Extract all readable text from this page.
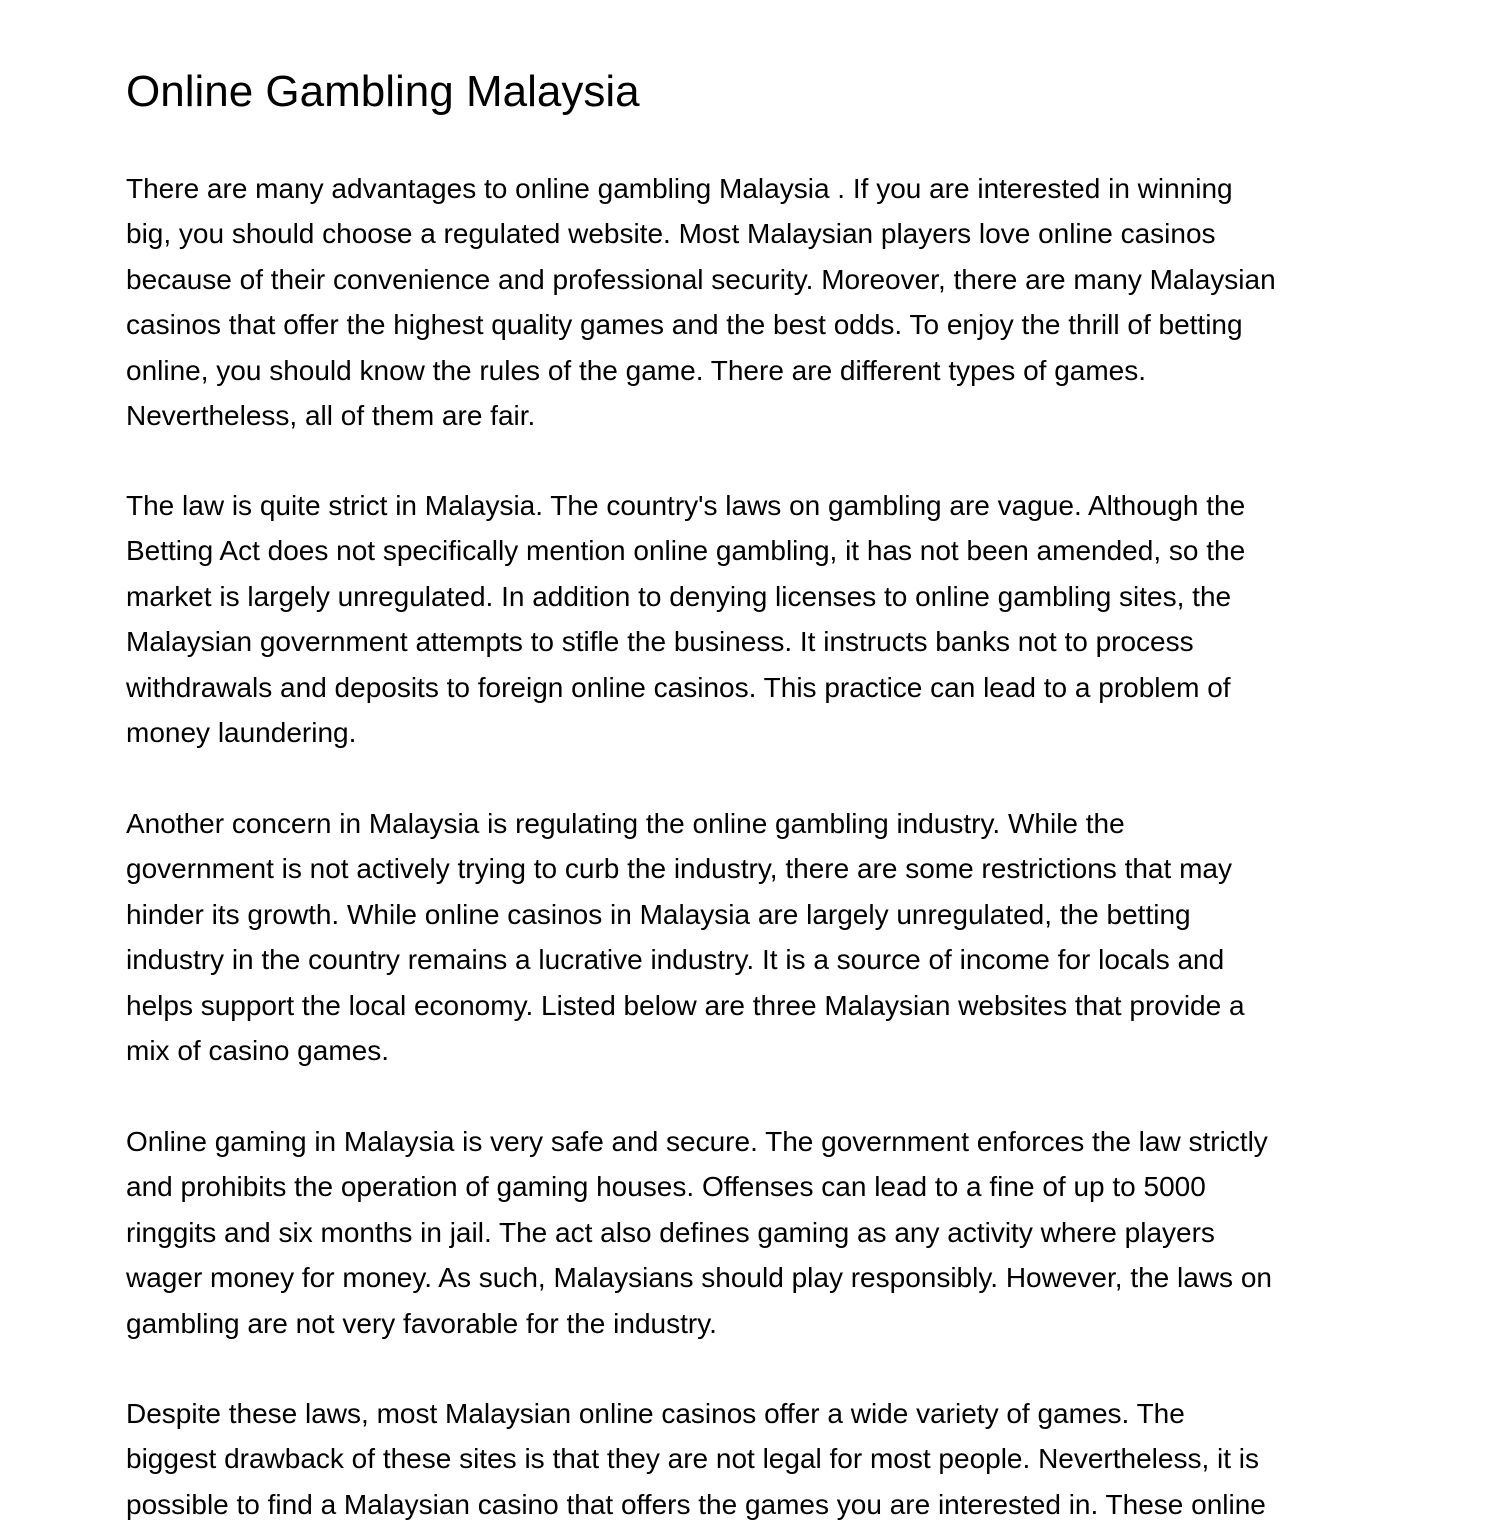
Online Gambling Malaysia

There are many advantages to online gambling Malaysia . If you are interested in winning
big, you should choose a regulated website. Most Malaysian players love online casinos
because of their convenience and professional security. Moreover, there are many Malaysian
casinos that offer the highest quality games and the best odds. To enjoy the thrill of betting
online, you should know the rules of the game. There are different types of games.
Nevertheless, all of them are fair.

The law is quite strict in Malaysia. The country's laws on gambling are vague. Although the
Betting Act does not specifically mention online gambling, it has not been amended, so the
market is largely unregulated. In addition to denying licenses to online gambling sites, the
Malaysian government attempts to stifle the business. It instructs banks not to process
withdrawals and deposits to foreign online casinos. This practice can lead to a problem of
money laundering.

Another concern in Malaysia is regulating the online gambling industry. While the
government is not actively trying to curb the industry, there are some restrictions that may
hinder its growth. While online casinos in Malaysia are largely unregulated, the betting
industry in the country remains a lucrative industry. It is a source of income for locals and
helps support the local economy. Listed below are three Malaysian websites that provide a
mix of casino games.

Online gaming in Malaysia is very safe and secure. The government enforces the law strictly
and prohibits the operation of gaming houses. Offenses can lead to a fine of up to 5000
ringgits and six months in jail. The act also defines gaming as any activity where players
wager money for money. As such, Malaysians should play responsibly. However, the laws on
gambling are not very favorable for the industry.

Despite these laws, most Malaysian online casinos offer a wide variety of games. The
biggest drawback of these sites is that they are not legal for most people. Nevertheless, it is
possible to find a Malaysian casino that offers the games you are interested in. These online
